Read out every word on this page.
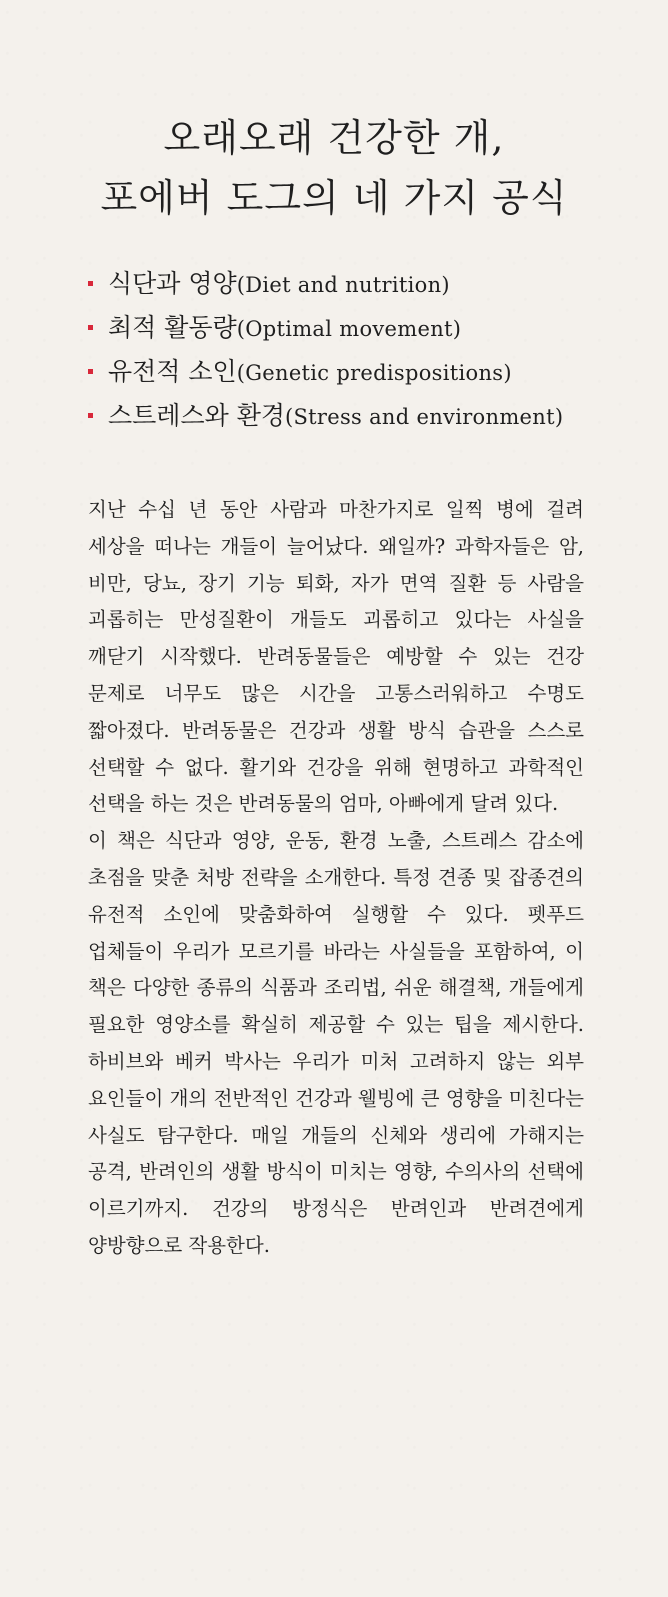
오래오래 건강한 개,
포에버 도그의 네 가지 공식
식단과 영양(Diet and nutrition)
최적 활동량(Optimal movement)
유전적 소인(Genetic predispositions)
스트레스와 환경(Stress and environment)

지난 수십 년 동안 사람과 마찬가지로 일찍 병에 걸려 세상을 떠나는 개들이 늘어났다. 왜일까? 과학자들은 암, 비만, 당뇨, 장기 기능 퇴화, 자가 면역 질환 등 사람을 괴롭히는 만성질환이 개들도 괴롭히고 있다는 사실을 깨닫기 시작했다. 반려동물들은 예방할 수 있는 건강 문제로 너무도 많은 시간을 고통스러워하고 수명도 짧아졌다. 반려동물은 건강과 생활 방식 습관을 스스로 선택할 수 없다. 활기와 건강을 위해 현명하고 과학적인 선택을 하는 것은 반려동물의 엄마, 아빠에게 달려 있다.

이 책은 식단과 영양, 운동, 환경 노출, 스트레스 감소에 초점을 맞춘 처방 전략을 소개한다. 특정 견종 및 잡종견의 유전적 소인에 맞춤화하여 실행할 수 있다. 펫푸드 업체들이 우리가 모르기를 바라는 사실들을 포함하여, 이 책은 다양한 종류의 식품과 조리법, 쉬운 해결책, 개들에게 필요한 영양소를 확실히 제공할 수 있는 팁을 제시한다. 하비브와 베커 박사는 우리가 미처 고려하지 않는 외부 요인들이 개의 전반적인 건강과 웰빙에 큰 영향을 미친다는 사실도 탐구한다. 매일 개들의 신체와 생리에 가해지는 공격, 반려인의 생활 방식이 미치는 영향, 수의사의 선택에 이르기까지. 건강의 방정식은 반려인과 반려견에게 양방향으로 작용한다.
